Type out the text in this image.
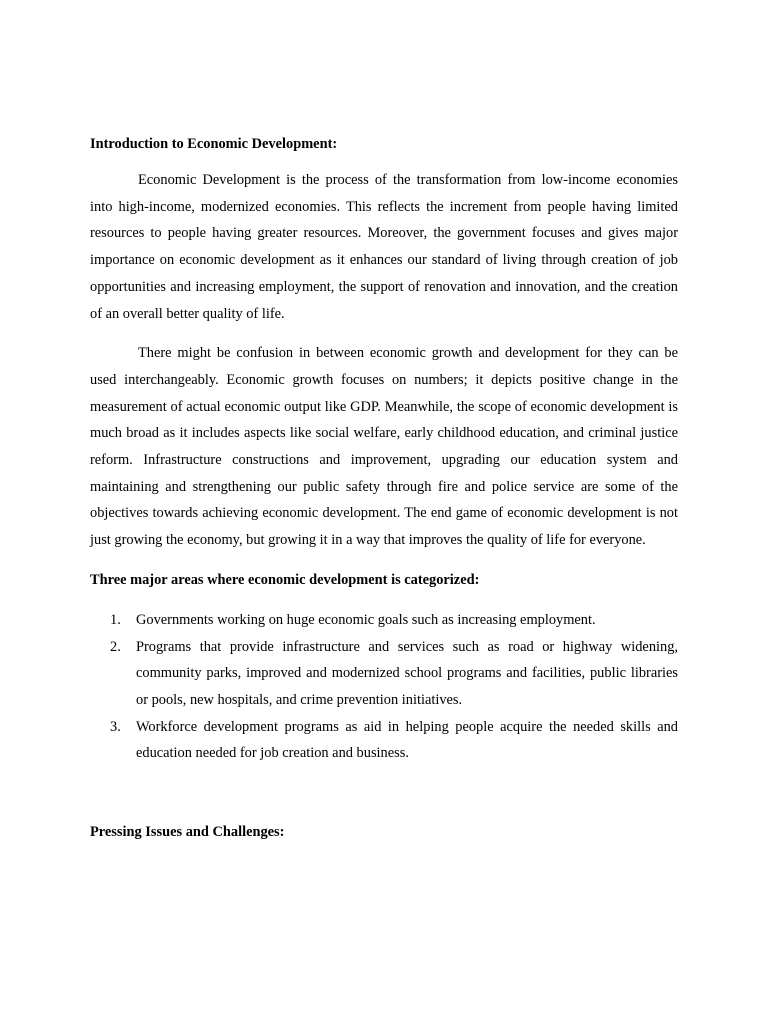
Introduction to Economic Development:

Economic Development is the process of the transformation from low-income economies into high-income, modernized economies. This reflects the increment from people having limited resources to people having greater resources. Moreover, the government focuses and gives major importance on economic development as it enhances our standard of living through creation of job opportunities and increasing employment, the support of renovation and innovation, and the creation of an overall better quality of life.

There might be confusion in between economic growth and development for they can be used interchangeably. Economic growth focuses on numbers; it depicts positive change in the measurement of actual economic output like GDP. Meanwhile, the scope of economic development is much broad as it includes aspects like social welfare, early childhood education, and criminal justice reform. Infrastructure constructions and improvement, upgrading our education system and maintaining and strengthening our public safety through fire and police service are some of the objectives towards achieving economic development. The end game of economic development is not just growing the economy, but growing it in a way that improves the quality of life for everyone.

Three major areas where economic development is categorized:

1. Governments working on huge economic goals such as increasing employment.
2. Programs that provide infrastructure and services such as road or highway widening, community parks, improved and modernized school programs and facilities, public libraries or pools, new hospitals, and crime prevention initiatives.
3. Workforce development programs as aid in helping people acquire the needed skills and education needed for job creation and business.

Pressing Issues and Challenges:
